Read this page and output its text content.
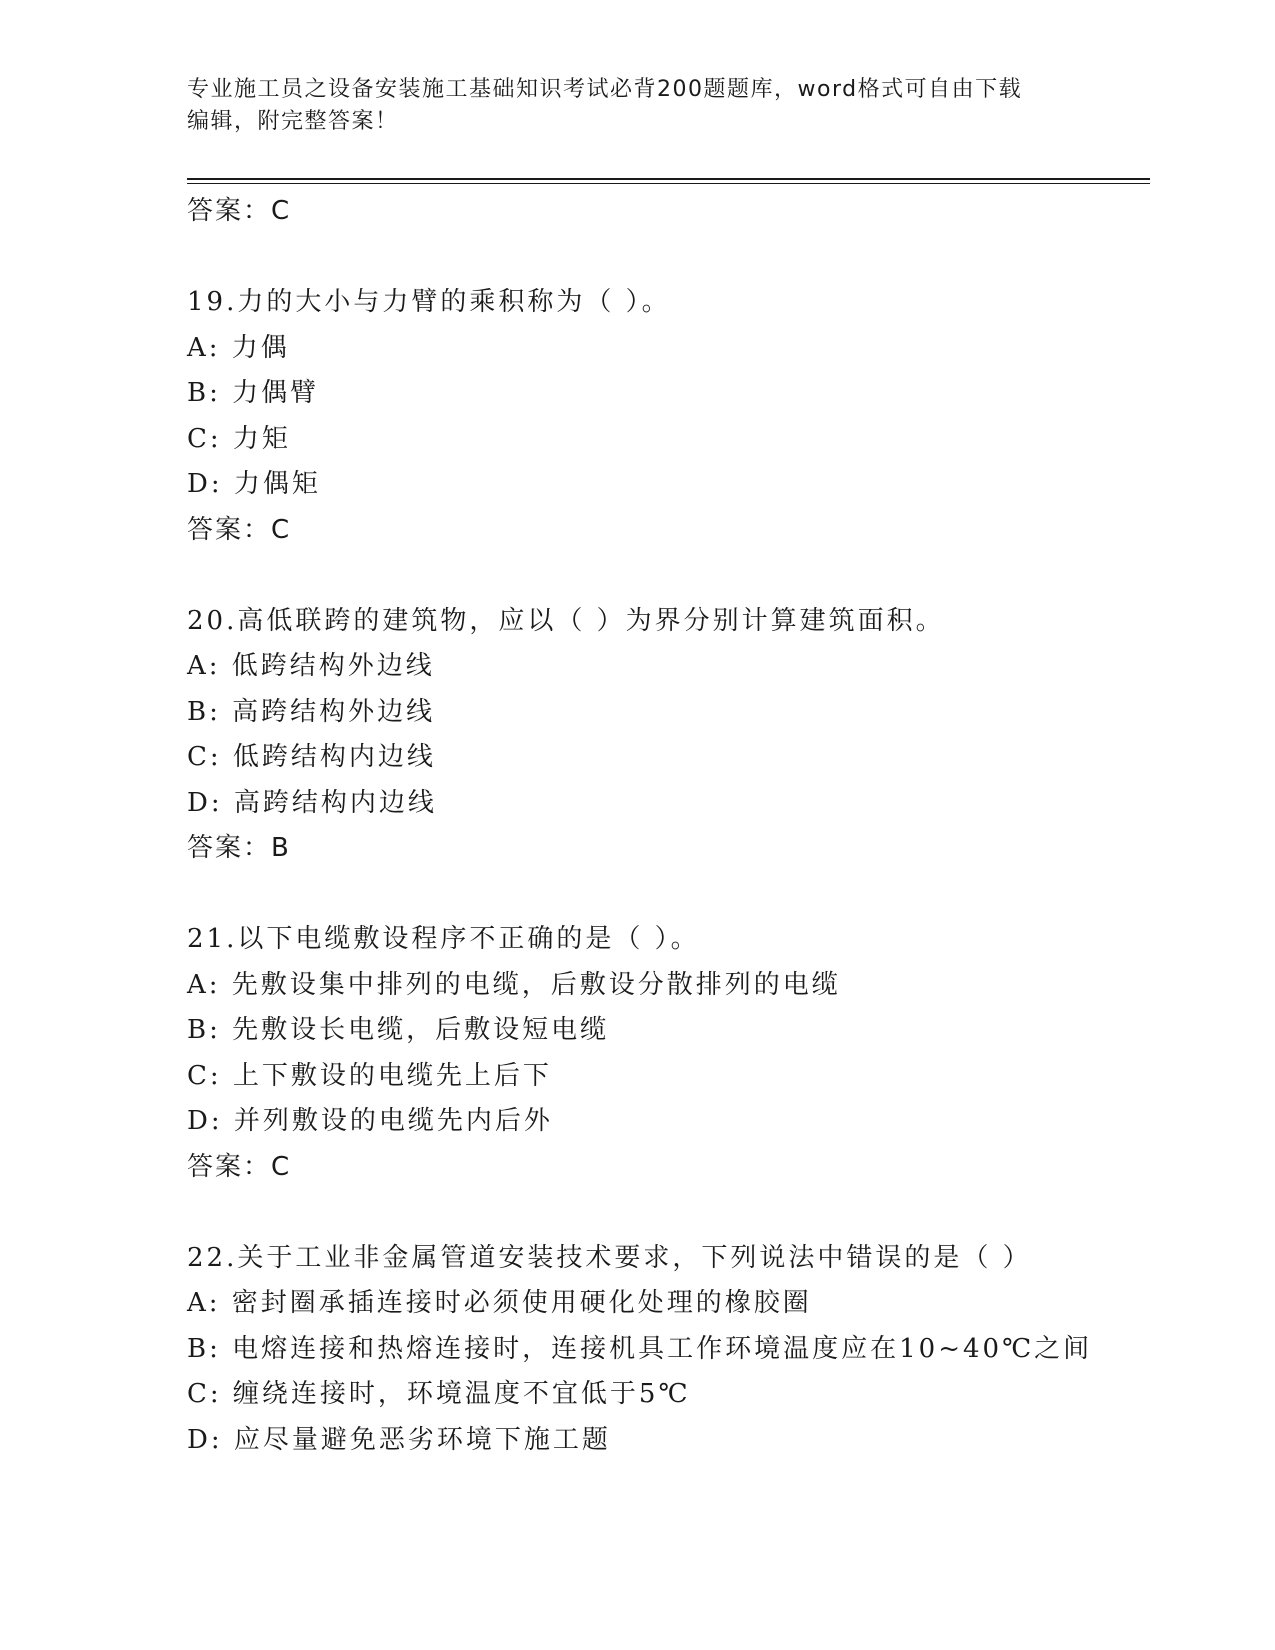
专业施工员之设备安装施工基础知识考试必背200题题库，word格式可自由下载
编辑，附完整答案！
答案：C
19.力的大小与力臂的乘积称为（ ）。
A: 力偶
B: 力偶臂
C: 力矩
D: 力偶矩
答案：C
20.高低联跨的建筑物，应以（ ）为界分别计算建筑面积。
A: 低跨结构外边线
B: 高跨结构外边线
C: 低跨结构内边线
D: 高跨结构内边线
答案：B
21.以下电缆敷设程序不正确的是（ ）。
A: 先敷设集中排列的电缆，后敷设分散排列的电缆
B: 先敷设长电缆，后敷设短电缆
C: 上下敷设的电缆先上后下
D: 并列敷设的电缆先内后外
答案：C
22.关于工业非金属管道安装技术要求，下列说法中错误的是（ ）
A: 密封圈承插连接时必须使用硬化处理的橡胶圈
B: 电熔连接和热熔连接时，连接机具工作环境温度应在10~40℃之间
C: 缠绕连接时，环境温度不宜低于5℃
D: 应尽量避免恶劣环境下施工题
